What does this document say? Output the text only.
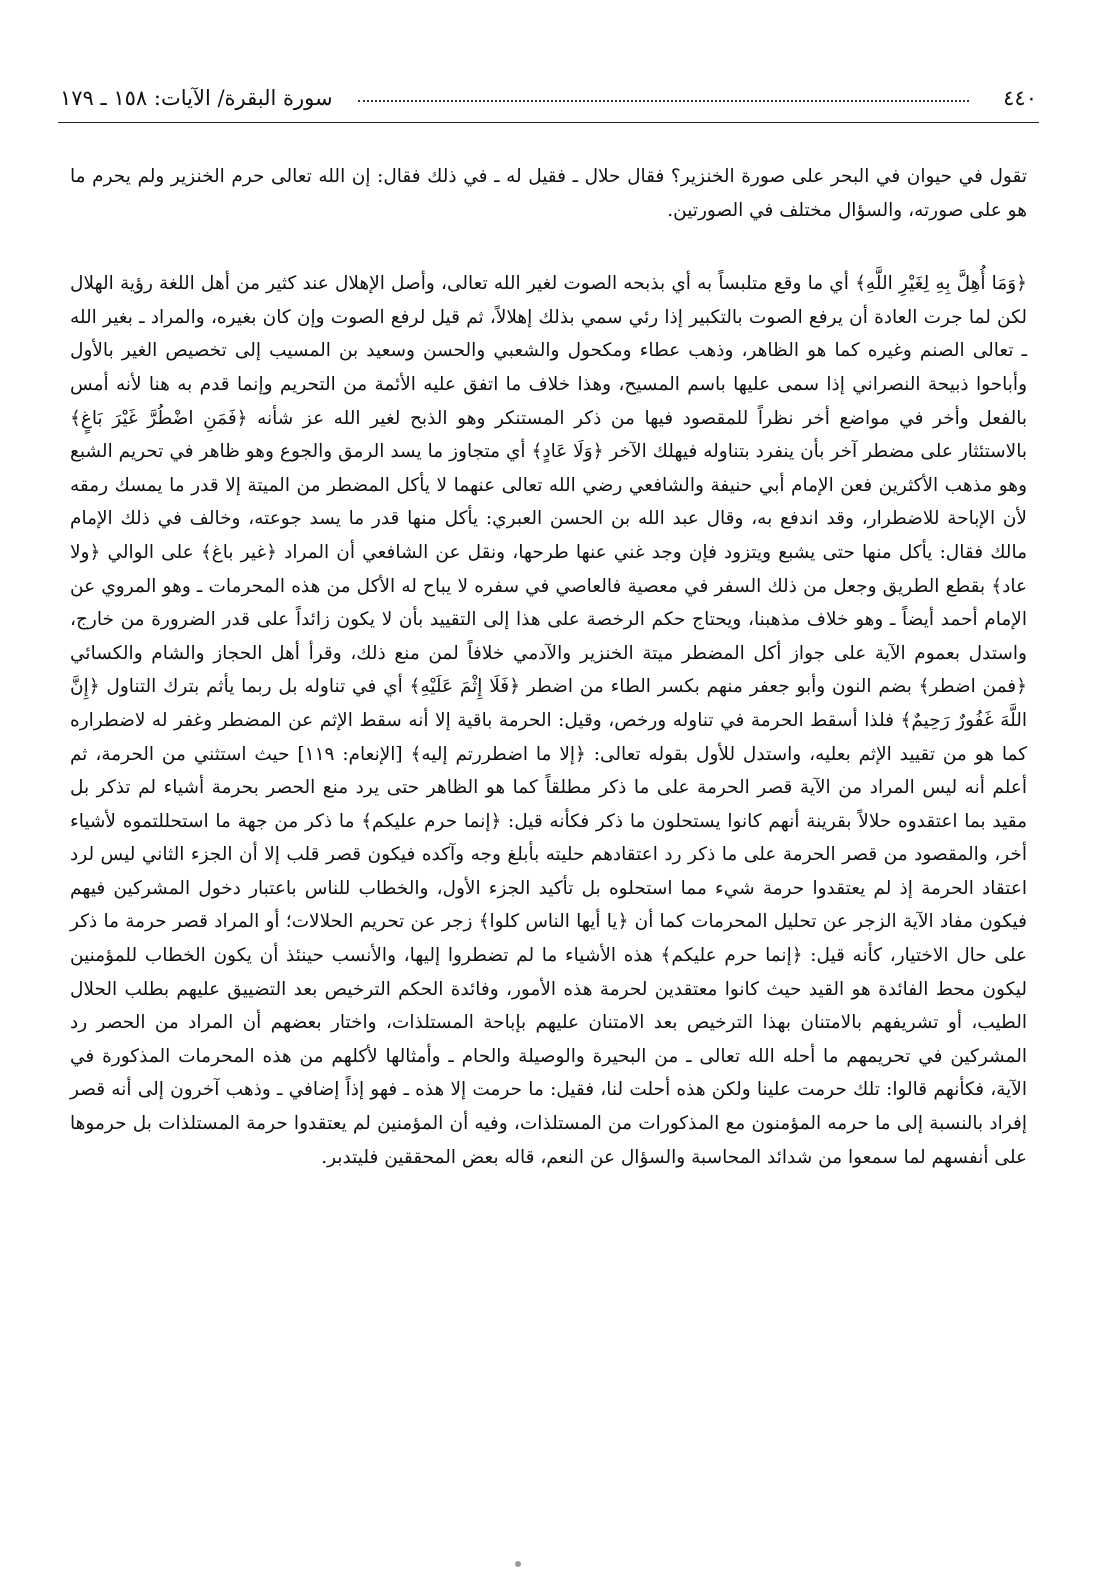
٤٤٠
سورة البقرة/ الآيات: ١٥٨ ـ ١٧٩

تقول في حيوان في البحر على صورة الخنزير؟ فقال حلال ـ فقيل له ـ في ذلك فقال: إن الله تعالى حرم الخنزير ولم يحرم ما هو على صورته، والسؤال مختلف في الصورتين.

﴿وَمَا أُهِلَّ بِهِ لِغَيْرِ اللَّهِ﴾ أي ما وقع متلبساً به أي بذبحه الصوت لغير الله تعالى، وأصل الإهلال عند كثير من أهل اللغة رؤية الهلال لكن لما جرت العادة أن يرفع الصوت بالتكبير إذا رئي سمي بذلك إهلالاً، ثم قيل لرفع الصوت وإن كان بغيره، والمراد ـ بغير الله ـ تعالى الصنم وغيره كما هو الظاهر، وذهب عطاء ومكحول والشعبي والحسن وسعيد بن المسيب إلى تخصيص الغير بالأول وأباحوا ذبيحة النصراني إذا سمى عليها باسم المسيح، وهذا خلاف ما اتفق عليه الأئمة من التحريم وإنما قدم به هنا لأنه أمس بالفعل وأخر في مواضع أخر نظراً للمقصود فيها من ذكر المستنكر وهو الذبح لغير الله عز شأنه ﴿فَمَنِ اضْطُرَّ غَيْرَ بَاغٍ﴾ بالاستئثار على مضطر آخر بأن ينفرد بتناوله فيهلك الآخر ﴿وَلَا عَادٍ﴾ أي متجاوز ما يسد الرمق والجوع وهو ظاهر في تحريم الشبع وهو مذهب الأكثرين فعن الإمام أبي حنيفة والشافعي رضي الله تعالى عنهما لا يأكل المضطر من الميتة إلا قدر ما يمسك رمقه لأن الإباحة للاضطرار، وقد اندفع به، وقال عبد الله بن الحسن العبري: يأكل منها قدر ما يسد جوعته، وخالف في ذلك الإمام مالك فقال: يأكل منها حتى يشبع ويتزود فإن وجد غني عنها طرحها، ونقل عن الشافعي أن المراد ﴿غير باغ﴾ على الوالي ﴿ولا عاد﴾ بقطع الطريق وجعل من ذلك السفر في معصية فالعاصي في سفره لا يباح له الأكل من هذه المحرمات ـ وهو المروي عن الإمام أحمد أيضاً ـ وهو خلاف مذهبنا، ويحتاج حكم الرخصة على هذا إلى التقييد بأن لا يكون زائداً على قدر الضرورة من خارج، واستدل بعموم الآية على جواز أكل المضطر ميتة الخنزير والآدمي خلافاً لمن منع ذلك، وقرأ أهل الحجاز والشام والكسائي ﴿فمن اضطر﴾ بضم النون وأبو جعفر منهم بكسر الطاء من اضطر ﴿فَلَا إِثْمَ عَلَيْهِ﴾ أي في تناوله بل ربما يأثم بترك التناول ﴿إِنَّ اللَّهَ غَفُورٌ رَحِيمٌ﴾ فلذا أسقط الحرمة في تناوله ورخص، وقيل: الحرمة باقية إلا أنه سقط الإثم عن المضطر وغفر له لاضطراره كما هو من تقييد الإثم بعليه، واستدل للأول بقوله تعالى: ﴿إلا ما اضطررتم إليه﴾ [الإنعام: ١١٩] حيث استثني من الحرمة، ثم أعلم أنه ليس المراد من الآية قصر الحرمة على ما ذكر مطلقاً كما هو الظاهر حتى يرد منع الحصر بحرمة أشياء لم تذكر بل مقيد بما اعتقدوه حلالاً بقرينة أنهم كانوا يستحلون ما ذكر فكأنه قيل: ﴿إنما حرم عليكم﴾ ما ذكر من جهة ما استحللتموه لأشياء أخر، والمقصود من قصر الحرمة على ما ذكر رد اعتقادهم حليته بأبلغ وجه وآكده فيكون قصر قلب إلا أن الجزء الثاني ليس لرد اعتقاد الحرمة إذ لم يعتقدوا حرمة شيء مما استحلوه بل تأكيد الجزء الأول، والخطاب للناس باعتبار دخول المشركين فيهم فيكون مفاد الآية الزجر عن تحليل المحرمات كما أن ﴿يا أيها الناس كلوا﴾ زجر عن تحريم الحلالات؛ أو المراد قصر حرمة ما ذكر على حال الاختيار، كأنه قيل: ﴿إنما حرم عليكم﴾ هذه الأشياء ما لم تضطروا إليها، والأنسب حينئذ أن يكون الخطاب للمؤمنين ليكون محط الفائدة هو القيد حيث كانوا معتقدين لحرمة هذه الأمور، وفائدة الحكم الترخيص بعد التضييق عليهم بطلب الحلال الطيب، أو تشريفهم بالامتنان بهذا الترخيص بعد الامتنان عليهم بإباحة المستلذات، واختار بعضهم أن المراد من الحصر رد المشركين في تحريمهم ما أحله الله تعالى ـ من البحيرة والوصيلة والحام ـ وأمثالها لأكلهم من هذه المحرمات المذكورة في الآية، فكأنهم قالوا: تلك حرمت علينا ولكن هذه أحلت لنا، فقيل: ما حرمت إلا هذه ـ فهو إذاً إضافي ـ وذهب آخرون إلى أنه قصر إفراد بالنسبة إلى ما حرمه المؤمنون مع المذكورات من المستلذات، وفيه أن المؤمنين لم يعتقدوا حرمة المستلذات بل حرموها على أنفسهم لما سمعوا من شدائد المحاسبة والسؤال عن النعم، قاله بعض المحققين فليتدبر.
